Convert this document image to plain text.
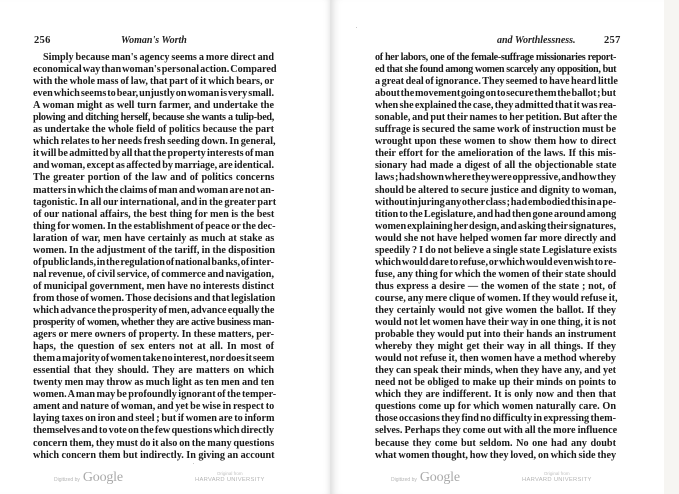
256	Woman's Worth
Simply because man's agency seems a more direct and
economical way than woman's personal action. Compared
with the whole mass of law, that part of it which bears, or
even which seems to bear, unjustly on woman is very small.
A woman might as well turn farmer, and undertake the
plowing and ditching herself, because she wants a tulip-bed,
as undertake the whole field of politics because the part
which relates to her needs fresh seeding down. In general,
it will be admitted by all that the property interests of man
and woman, except as affected by marriage, are identical.
The greater portion of the law and of politics concerns
matters in which the claims of man and woman are not an-
tagonistic. In all our international, and in the greater part
of our national affairs, the best thing for men is the best
thing for women. In the establishment of peace or the dec-
laration of war, men have certainly as much at stake as
women. In the adjustment of the tariff, in the disposition
of public lands, in the regulation of national banks, of inter-
nal revenue, of civil service, of commerce and navigation,
of municipal government, men have no interests distinct
from those of women. Those decisions and that legislation
which advance the prosperity of men, advance equally the
prosperity of women, whether they are active business man-
agers or mere owners of property. In these matters, per-
haps, the question of sex enters not at all. In most of
them a majority of women take no interest, nor does it seem
essential that they should. They are matters on which
twenty men may throw as much light as ten men and ten
women. A man may be profoundly ignorant of the temper-
ament and nature of woman, and yet be wise in respect to
laying taxes on iron and steel ; but if women are to inform
themselves and to vote on the few questions which directly
concern them, they must do it also on the many questions
which concern them but indirectly. In giving an account
Digitized by Google	Original from
HARVARD UNIVERSITY
and Worthlessness.	257
of her labors, one of the female-suffrage missionaries report-
ed that she found among women scarcely any opposition, but
a great deal of ignorance. They seemed to have heard little
about the movement going on to secure them the ballot ; but
when she explained the case, they admitted that it was rea-
sonable, and put their names to her petition. But after the
suffrage is secured the same work of instruction must be
wrought upon these women to show them how to direct
their effort for the amelioration of the laws. If this mis-
sionary had made a digest of all the objectionable state
laws ; had shown where they were oppressive, and how they
should be altered to secure justice and dignity to woman,
without injuring any other class ; had embodied this in a pe-
tition to the Legislature, and had then gone around among
women explaining her design, and asking their signatures,
would she not have helped women far more directly and
speedily ? I do not believe a single state Legislature exists
which would dare to refuse, or which would even wish to re-
fuse, any thing for which the women of their state should
thus express a desire — the women of the state ; not, of
course, any mere clique of women. If they would refuse it,
they certainly would not give women the ballot. If they
would not let women have their way in one thing, it is not
probable they would put into their hands an instrument
whereby they might get their way in all things. If they
would not refuse it, then women have a method whereby
they can speak their minds, when they have any, and yet
need not be obliged to make up their minds on points to
which they are indifferent. It is only now and then that
questions come up for which women naturally care. On
those occasions they find no difficulty in expressing them-
selves. Perhaps they come out with all the more influence
because they come but seldom. No one had any doubt
what women thought, how they loved, on which side they
Digitized by Google	Original from
HARVARD UNIVERSITY
